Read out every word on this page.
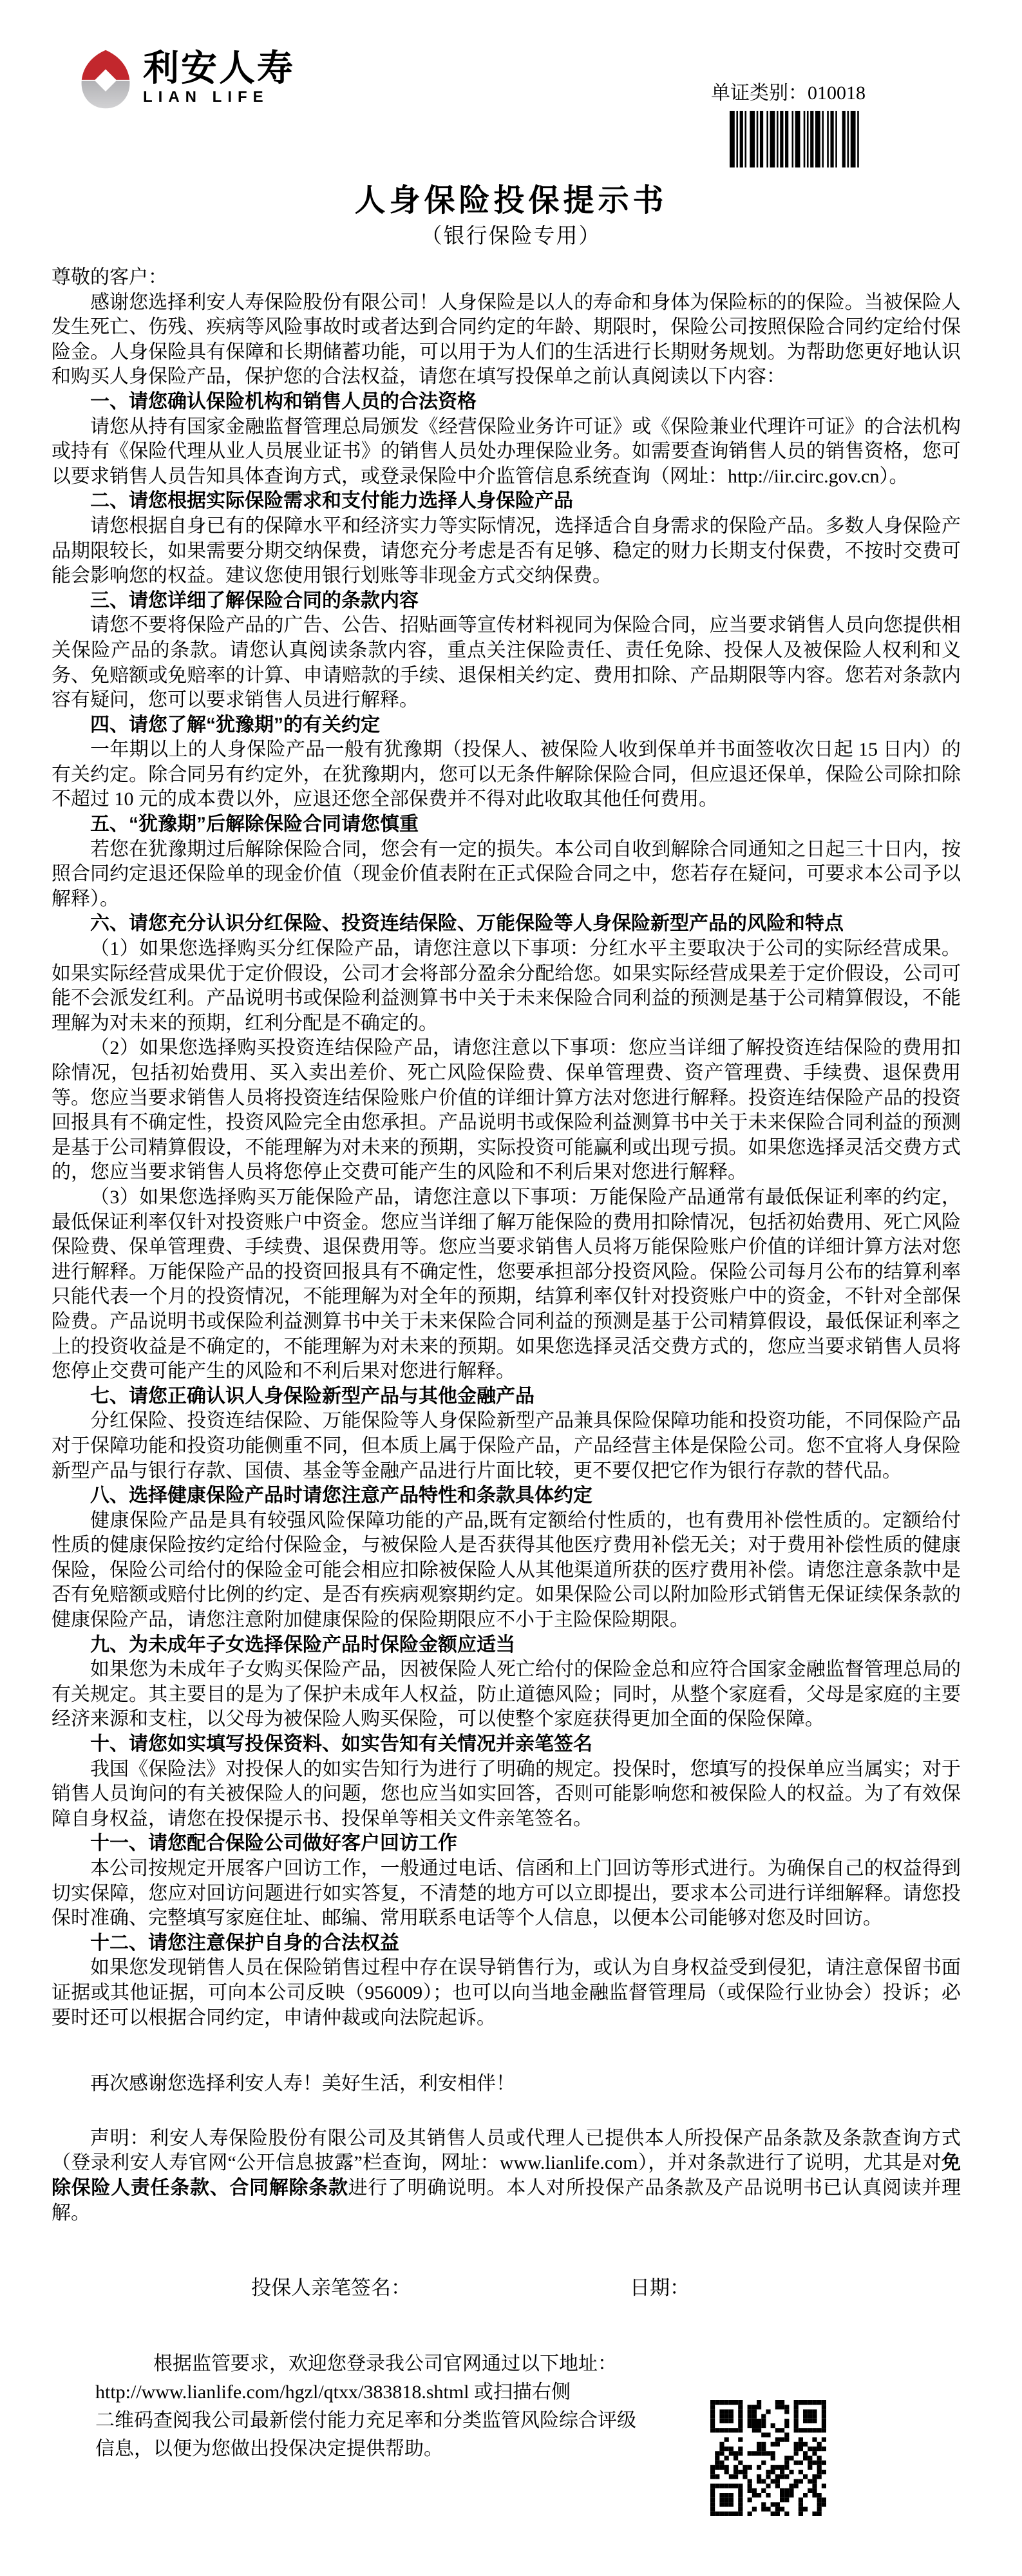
利安人寿
LIAN LIFE	单证类别：010018
人身保险投保提示书
（银行保险专用）

尊敬的客户：

感谢您选择利安人寿保险股份有限公司！人身保险是以人的寿命和身体为保险标的的保险。当被保险人发生死亡、伤残、疾病等风险事故时或者达到合同约定的年龄、期限时，保险公司按照保险合同约定给付保险金。人身保险具有保障和长期储蓄功能，可以用于为人们的生活进行长期财务规划。为帮助您更好地认识和购买人身保险产品，保护您的合法权益，请您在填写投保单之前认真阅读以下内容：

一、请您确认保险机构和销售人员的合法资格

请您从持有国家金融监督管理总局颁发《经营保险业务许可证》或《保险兼业代理许可证》的合法机构或持有《保险代理从业人员展业证书》的销售人员处办理保险业务。如需要查询销售人员的销售资格，您可以要求销售人员告知具体查询方式，或登录保险中介监管信息系统查询（网址：http://iir.circ.gov.cn）。

二、请您根据实际保险需求和支付能力选择人身保险产品

请您根据自身已有的保障水平和经济实力等实际情况，选择适合自身需求的保险产品。多数人身保险产品期限较长，如果需要分期交纳保费，请您充分考虑是否有足够、稳定的财力长期支付保费，不按时交费可能会影响您的权益。建议您使用银行划账等非现金方式交纳保费。

三、请您详细了解保险合同的条款内容

请您不要将保险产品的广告、公告、招贴画等宣传材料视同为保险合同，应当要求销售人员向您提供相关保险产品的条款。请您认真阅读条款内容，重点关注保险责任、责任免除、投保人及被保险人权利和义务、免赔额或免赔率的计算、申请赔款的手续、退保相关约定、费用扣除、产品期限等内容。您若对条款内容有疑问，您可以要求销售人员进行解释。

四、请您了解“犹豫期”的有关约定

一年期以上的人身保险产品一般有犹豫期（投保人、被保险人收到保单并书面签收次日起 15 日内）的有关约定。除合同另有约定外，在犹豫期内，您可以无条件解除保险合同，但应退还保单，保险公司除扣除不超过 10 元的成本费以外，应退还您全部保费并不得对此收取其他任何费用。

五、“犹豫期”后解除保险合同请您慎重

若您在犹豫期过后解除保险合同，您会有一定的损失。本公司自收到解除合同通知之日起三十日内，按照合同约定退还保险单的现金价值（现金价值表附在正式保险合同之中，您若存在疑问，可要求本公司予以解释）。

六、请您充分认识分红保险、投资连结保险、万能保险等人身保险新型产品的风险和特点

（1）如果您选择购买分红保险产品，请您注意以下事项：分红水平主要取决于公司的实际经营成果。如果实际经营成果优于定价假设，公司才会将部分盈余分配给您。如果实际经营成果差于定价假设，公司可能不会派发红利。产品说明书或保险利益测算书中关于未来保险合同利益的预测是基于公司精算假设，不能理解为对未来的预期，红利分配是不确定的。

（2）如果您选择购买投资连结保险产品，请您注意以下事项：您应当详细了解投资连结保险的费用扣除情况，包括初始费用、买入卖出差价、死亡风险保险费、保单管理费、资产管理费、手续费、退保费用等。您应当要求销售人员将投资连结保险账户价值的详细计算方法对您进行解释。投资连结保险产品的投资回报具有不确定性，投资风险完全由您承担。产品说明书或保险利益测算书中关于未来保险合同利益的预测是基于公司精算假设，不能理解为对未来的预期，实际投资可能赢利或出现亏损。如果您选择灵活交费方式的，您应当要求销售人员将您停止交费可能产生的风险和不利后果对您进行解释。

（3）如果您选择购买万能保险产品，请您注意以下事项：万能保险产品通常有最低保证利率的约定，最低保证利率仅针对投资账户中资金。您应当详细了解万能保险的费用扣除情况，包括初始费用、死亡风险保险费、保单管理费、手续费、退保费用等。您应当要求销售人员将万能保险账户价值的详细计算方法对您进行解释。万能保险产品的投资回报具有不确定性，您要承担部分投资风险。保险公司每月公布的结算利率只能代表一个月的投资情况，不能理解为对全年的预期，结算利率仅针对投资账户中的资金，不针对全部保险费。产品说明书或保险利益测算书中关于未来保险合同利益的预测是基于公司精算假设，最低保证利率之上的投资收益是不确定的，不能理解为对未来的预期。如果您选择灵活交费方式的，您应当要求销售人员将您停止交费可能产生的风险和不利后果对您进行解释。

七、请您正确认识人身保险新型产品与其他金融产品

分红保险、投资连结保险、万能保险等人身保险新型产品兼具保险保障功能和投资功能，不同保险产品对于保障功能和投资功能侧重不同，但本质上属于保险产品，产品经营主体是保险公司。您不宜将人身保险新型产品与银行存款、国债、基金等金融产品进行片面比较，更不要仅把它作为银行存款的替代品。

八、选择健康保险产品时请您注意产品特性和条款具体约定

健康保险产品是具有较强风险保障功能的产品,既有定额给付性质的，也有费用补偿性质的。定额给付性质的健康保险按约定给付保险金，与被保险人是否获得其他医疗费用补偿无关；对于费用补偿性质的健康保险，保险公司给付的保险金可能会相应扣除被保险人从其他渠道所获的医疗费用补偿。请您注意条款中是否有免赔额或赔付比例的约定、是否有疾病观察期约定。如果保险公司以附加险形式销售无保证续保条款的健康保险产品，请您注意附加健康保险的保险期限应不小于主险保险期限。

九、为未成年子女选择保险产品时保险金额应适当

如果您为未成年子女购买保险产品，因被保险人死亡给付的保险金总和应符合国家金融监督管理总局的有关规定。其主要目的是为了保护未成年人权益，防止道德风险；同时，从整个家庭看，父母是家庭的主要经济来源和支柱，以父母为被保险人购买保险，可以使整个家庭获得更加全面的保险保障。

十、请您如实填写投保资料、如实告知有关情况并亲笔签名

我国《保险法》对投保人的如实告知行为进行了明确的规定。投保时，您填写的投保单应当属实；对于销售人员询问的有关被保险人的问题，您也应当如实回答，否则可能影响您和被保险人的权益。为了有效保障自身权益，请您在投保提示书、投保单等相关文件亲笔签名。

十一、请您配合保险公司做好客户回访工作

本公司按规定开展客户回访工作，一般通过电话、信函和上门回访等形式进行。为确保自己的权益得到切实保障，您应对回访问题进行如实答复，不清楚的地方可以立即提出，要求本公司进行详细解释。请您投保时准确、完整填写家庭住址、邮编、常用联系电话等个人信息，以便本公司能够对您及时回访。

十二、请您注意保护自身的合法权益

如果您发现销售人员在保险销售过程中存在误导销售行为，或认为自身权益受到侵犯，请注意保留书面证据或其他证据，可向本公司反映（956009）；也可以向当地金融监督管理局（或保险行业协会）投诉；必要时还可以根据合同约定，申请仲裁或向法院起诉。

再次感谢您选择利安人寿！美好生活，利安相伴！

声明：利安人寿保险股份有限公司及其销售人员或代理人已提供本人所投保产品条款及条款查询方式（登录利安人寿官网“公开信息披露”栏查询，网址：www.lianlife.com），并对条款进行了说明，尤其是对免除保险人责任条款、合同解除条款进行了明确说明。本人对所投保产品条款及产品说明书已认真阅读并理解。

投保人亲笔签名：	日期：
根据监管要求，欢迎您登录我公司官网通过以下地址：
http://www.lianlife.com/hgzl/qtxx/383818.shtml 或扫描右侧
二维码查阅我公司最新偿付能力充足率和分类监管风险综合评级
信息，以便为您做出投保决定提供帮助。
